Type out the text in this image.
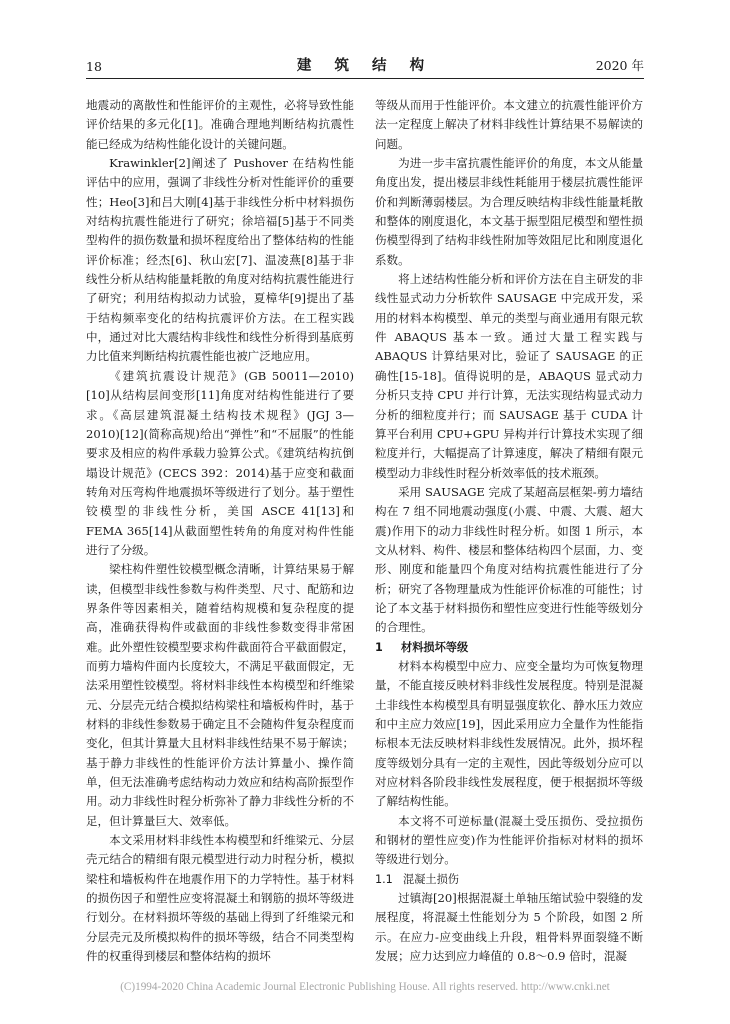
18	建 筑 结 构	2020 年

地震动的离散性和性能评价的主观性，必将导致性能评价结果的多元化[1]。准确合理地判断结构抗震性能已经成为结构性能化设计的关键问题。

Krawinkler[2]阐述了 Pushover 在结构性能评估中的应用，强调了非线性分析对性能评价的重要性；Heo[3]和吕大刚[4]基于非线性分析中材料损伤对结构抗震性能进行了研究；徐培福[5]基于不同类型构件的损伤数量和损坏程度给出了整体结构的性能评价标准；经杰[6]、秋山宏[7]、温凌燕[8]基于非线性分析从结构能量耗散的角度对结构抗震性能进行了研究；利用结构拟动力试验，夏樟华[9]提出了基于结构频率变化的结构抗震评价方法。在工程实践中，通过对比大震结构非线性和线性分析得到基底剪力比值来判断结构抗震性能也被广泛地应用。

《建筑抗震设计规范》(GB 50011—2010)[10]从结构层间变形[11]角度对结构性能进行了要求。《高层建筑混凝土结构技术规程》(JGJ 3—2010)[12](简称高规)给出“弹性”和“不屈服”的性能要求及相应的构件承载力验算公式。《建筑结构抗倒塌设计规范》(CECS 392：2014)基于应变和截面转角对压弯构件地震损坏等级进行了划分。基于塑性铰模型的非线性分析，美国 ASCE 41[13]和 FEMA 365[14]从截面塑性转角的角度对构件性能进行了分级。

梁柱构件塑性铰模型概念清晰，计算结果易于解读，但模型非线性参数与构件类型、尺寸、配筋和边界条件等因素相关，随着结构规模和复杂程度的提高，准确获得构件或截面的非线性参数变得非常困难。此外塑性铰模型要求构件截面符合平截面假定，而剪力墙构件面内长度较大，不满足平截面假定，无法采用塑性铰模型。将材料非线性本构模型和纤维梁元、分层壳元结合模拟结构梁柱和墙板构件时，基于材料的非线性参数易于确定且不会随构件复杂程度而变化，但其计算量大且材料非线性结果不易于解读；基于静力非线性的性能评价方法计算量小、操作简单，但无法准确考虑结构动力效应和结构高阶振型作用。动力非线性时程分析弥补了静力非线性分析的不足，但计算量巨大、效率低。

本文采用材料非线性本构模型和纤维梁元、分层壳元结合的精细有限元模型进行动力时程分析，模拟梁柱和墙板构件在地震作用下的力学特性。基于材料的损伤因子和塑性应变将混凝土和钢筋的损坏等级进行划分。在材料损坏等级的基础上得到了纤维梁元和分层壳元及所模拟构件的损坏等级，结合不同类型构件的权重得到楼层和整体结构的损坏

等级从而用于性能评价。本文建立的抗震性能评价方法一定程度上解决了材料非线性计算结果不易解读的问题。

为进一步丰富抗震性能评价的角度，本文从能量角度出发，提出楼层非线性耗能用于楼层抗震性能评价和判断薄弱楼层。为合理反映结构非线性能量耗散和整体的刚度退化，本文基于振型阻尼模型和塑性损伤模型得到了结构非线性附加等效阻尼比和刚度退化系数。

将上述结构性能分析和评价方法在自主研发的非线性显式动力分析软件 SAUSAGE 中完成开发，采用的材料本构模型、单元的类型与商业通用有限元软件 ABAQUS 基本一致。通过大量工程实践与 ABAQUS 计算结果对比，验证了 SAUSAGE 的正确性[15-18]。值得说明的是，ABAQUS 显式动力分析只支持 CPU 并行计算，无法实现结构显式动力分析的细粒度并行；而 SAUSAGE 基于 CUDA 计算平台利用 CPU+GPU 异构并行计算技术实现了细粒度并行，大幅提高了计算速度，解决了精细有限元模型动力非线性时程分析效率低的技术瓶颈。

采用 SAUSAGE 完成了某超高层框架-剪力墙结构在 7 组不同地震动强度(小震、中震、大震、超大震)作用下的动力非线性时程分析。如图 1 所示，本文从材料、构件、楼层和整体结构四个层面，力、变形、刚度和能量四个角度对结构抗震性能进行了分析；研究了各物理量成为性能评价标准的可能性；讨论了本文基于材料损伤和塑性应变进行性能等级划分的合理性。

1 材料损坏等级

材料本构模型中应力、应变全量均为可恢复物理量，不能直接反映材料非线性发展程度。特别是混凝土非线性本构模型具有明显强度软化、静水压力效应和中主应力效应[19]，因此采用应力全量作为性能指标根本无法反映材料非线性发展情况。此外，损坏程度等级划分具有一定的主观性，因此等级划分应可以对应材料各阶段非线性发展程度，便于根据损坏等级了解结构性能。

本文将不可逆标量(混凝土受压损伤、受拉损伤和钢材的塑性应变)作为性能评价指标对材料的损坏等级进行划分。

1.1 混凝土损伤

过镇海[20]根据混凝土单轴压缩试验中裂缝的发展程度，将混凝土性能划分为 5 个阶段，如图 2 所示。在应力-应变曲线上升段，粗骨料界面裂缝不断发展；应力达到应力峰值的 0.8～0.9 倍时，混凝

(C)1994-2020 China Academic Journal Electronic Publishing House. All rights reserved. http://www.cnki.net
